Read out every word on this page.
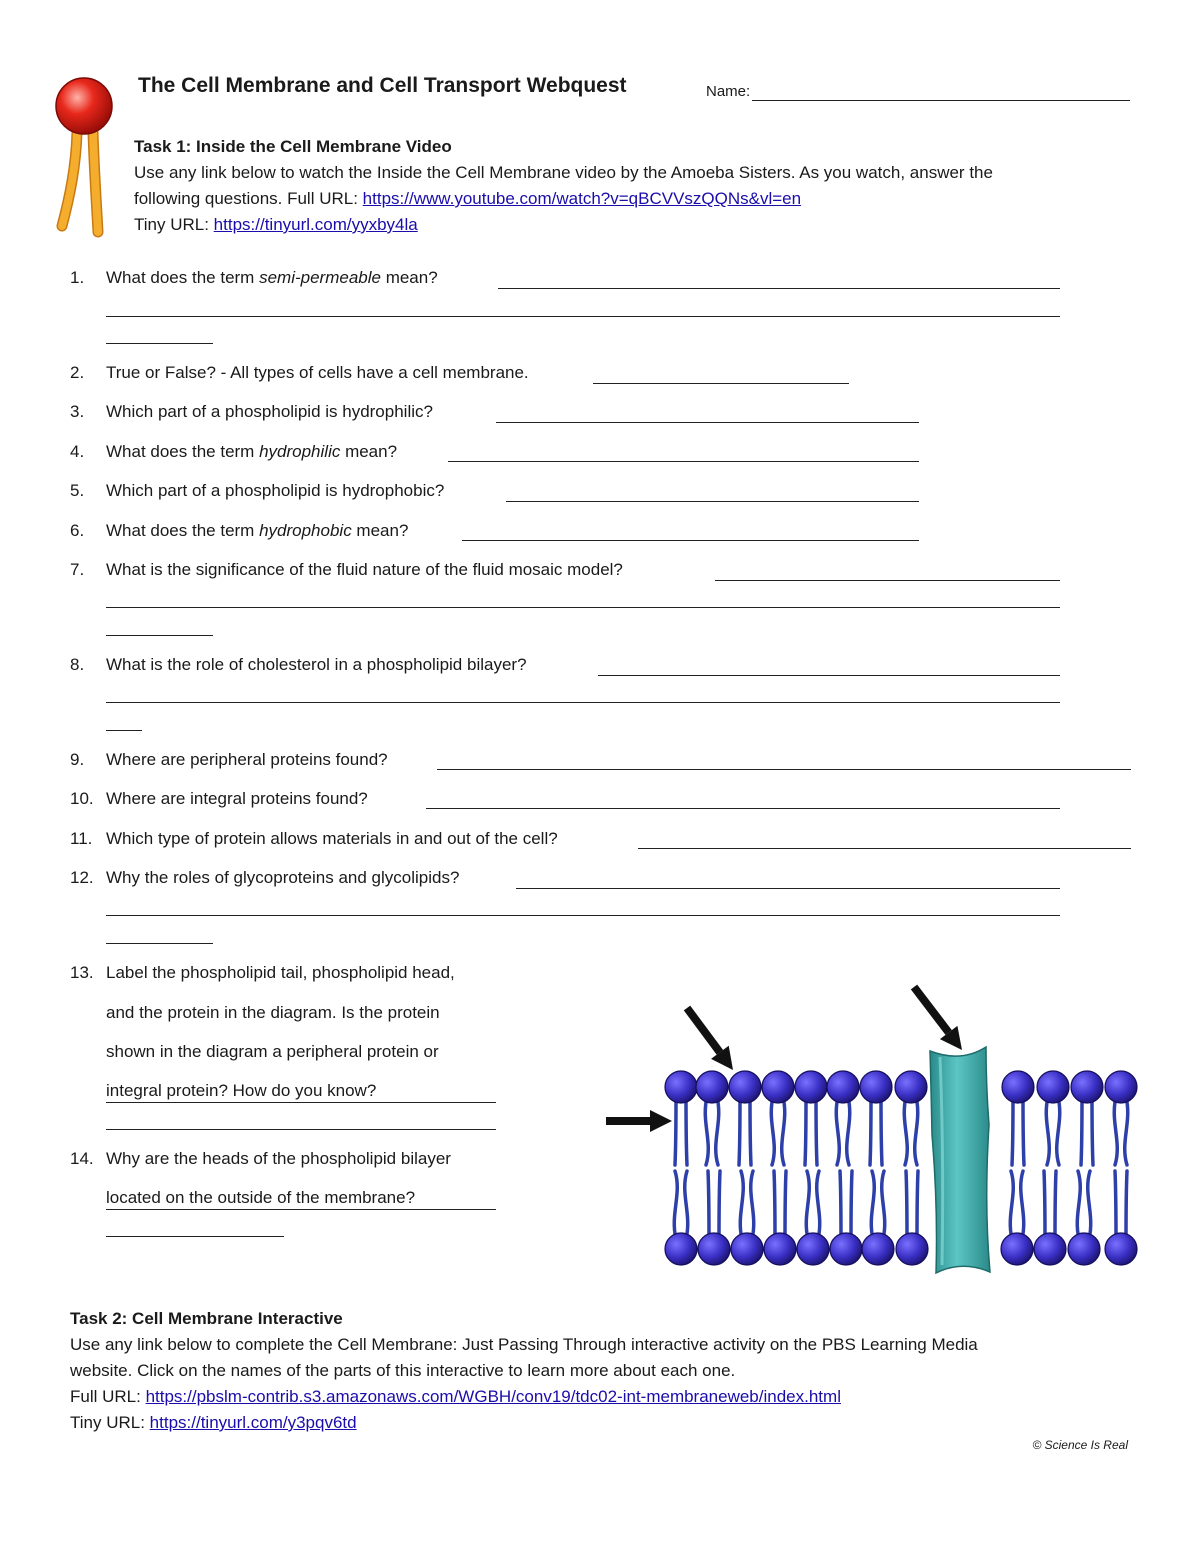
The Cell Membrane and Cell Transport Webquest	Name:
Task 1: Inside the Cell Membrane Video
Use any link below to watch the Inside the Cell Membrane video by the Amoeba Sisters. As you watch, answer the
following questions. Full URL: https://www.youtube.com/watch?v=qBCVVszQQNs&vl=en
Tiny URL: https://tinyurl.com/yyxby4la
1. What does the term semi-permeable mean?
2. True or False? - All types of cells have a cell membrane.
3. Which part of a phospholipid is hydrophilic?
4. What does the term hydrophilic mean?
5. Which part of a phospholipid is hydrophobic?
6. What does the term hydrophobic mean?
7. What is the significance of the fluid nature of the fluid mosaic model?
8. What is the role of cholesterol in a phospholipid bilayer?
9. Where are peripheral proteins found?
10. Where are integral proteins found?
11. Which type of protein allows materials in and out of the cell?
12. Why the roles of glycoproteins and glycolipids?
13. Label the phospholipid tail, phospholipid head,
and the protein in the diagram. Is the protein
shown in the diagram a peripheral protein or
integral protein? How do you know?
14. Why are the heads of the phospholipid bilayer
located on the outside of the membrane?
Task 2: Cell Membrane Interactive
Use any link below to complete the Cell Membrane: Just Passing Through interactive activity on the PBS Learning Media
website. Click on the names of the parts of this interactive to learn more about each one.
Full URL: https://pbslm-contrib.s3.amazonaws.com/WGBH/conv19/tdc02-int-membraneweb/index.html
Tiny URL: https://tinyurl.com/y3pqv6td
© Science Is Real
